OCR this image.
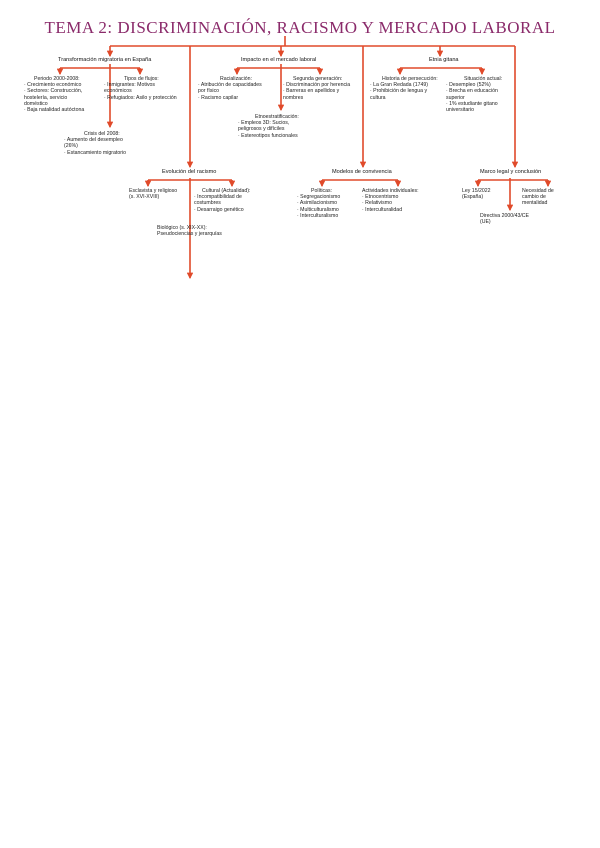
TEMA 2: DISCRIMINACIÓN, RACISMO Y MERCADO LABORAL
Transformación migratoria en España
Periodo 2000-2008:
· Crecimiento económico
· Sectores: Construcción,
hostelería, servicio
doméstico
· Baja natalidad autóctona
Tipos de flujos:
· Inmigrantes: Motivos
económicos
· Refugiados: Asilo y protección
Crisis del 2008:
· Aumento del desempleo
(26%)
· Estancamiento migratorio
Impacto en el mercado laboral
Racialización:
· Atribución de capacidades
por físico
· Racismo capilar
Segunda generación:
· Discriminación por herencia
· Barreras en apellidos y
nombres
Etnoestratificación:
· Empleos 3D: Sucios,
peligrosos y difíciles
· Estereotipos funcionales
Etnia gitana
Historia de persecución:
· La Gran Redada (1749)
· Prohibición de lengua y
cultura
Situación actual:
· Desempleo (52%)
· Brecha en educación
superior
· 1% estudiante gitano
universitario
Evolución del racismo
Esclavista y religioso
(s. XVI-XVIII)
Cultural (Actualidad):
· Incompatibilidad de
costumbres
· Desarraigo genético
Biológico (s. XIX-XX):
Pseudociencias y jerarquías
Modelos de convivencia
Políticas:
· Segregacionismo
· Asimilacionismo
· Multiculturalismo
· Interculturalismo
Actividades individuales:
· Etnocentrismo
· Relativismo
· Interculturalidad
Marco legal y conclusión
Ley 15/2022
(España)
Necesidad de
cambio de
mentalidad
Directiva 2000/43/CE
(UE)
